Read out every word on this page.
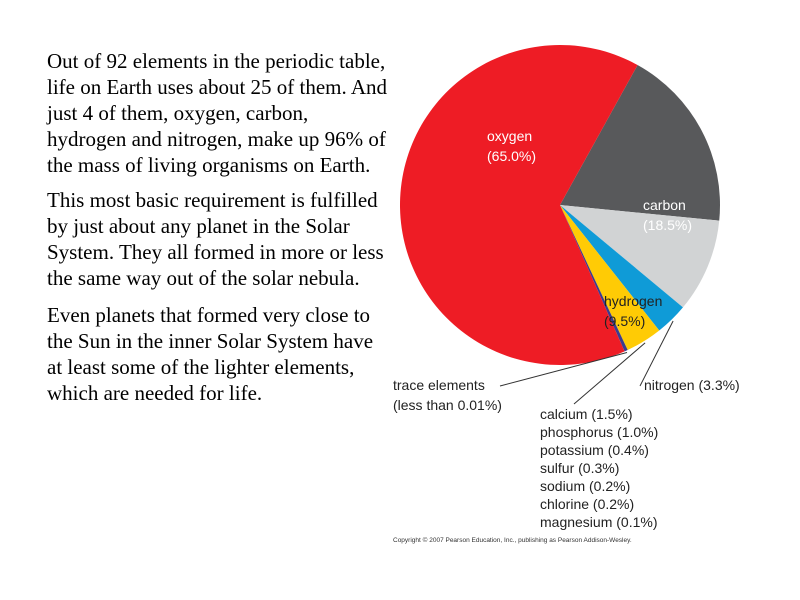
Out of 92 elements in the periodic table, life on Earth uses about 25 of them. And just 4 of them, oxygen, carbon, hydrogen and nitrogen, make up 96% of the mass of living organisms on Earth.

This most basic requirement is fulfilled by just about any planet in the Solar System. They all formed in more or less the same way out of the solar nebula.

Even planets that formed very close to the Sun in the inner Solar System have at least some of the lighter elements, which are needed for life.

oxygen
(65.0%)
carbon
(18.5%)
hydrogen
(9.5%)
nitrogen (3.3%)
trace elements
(less than 0.01%)
calcium (1.5%)
phosphorus (1.0%)
potassium (0.4%)
sulfur (0.3%)
sodium (0.2%)
chlorine (0.2%)
magnesium (0.1%)
Copyright © 2007 Pearson Education, Inc., publishing as Pearson Addison-Wesley.
